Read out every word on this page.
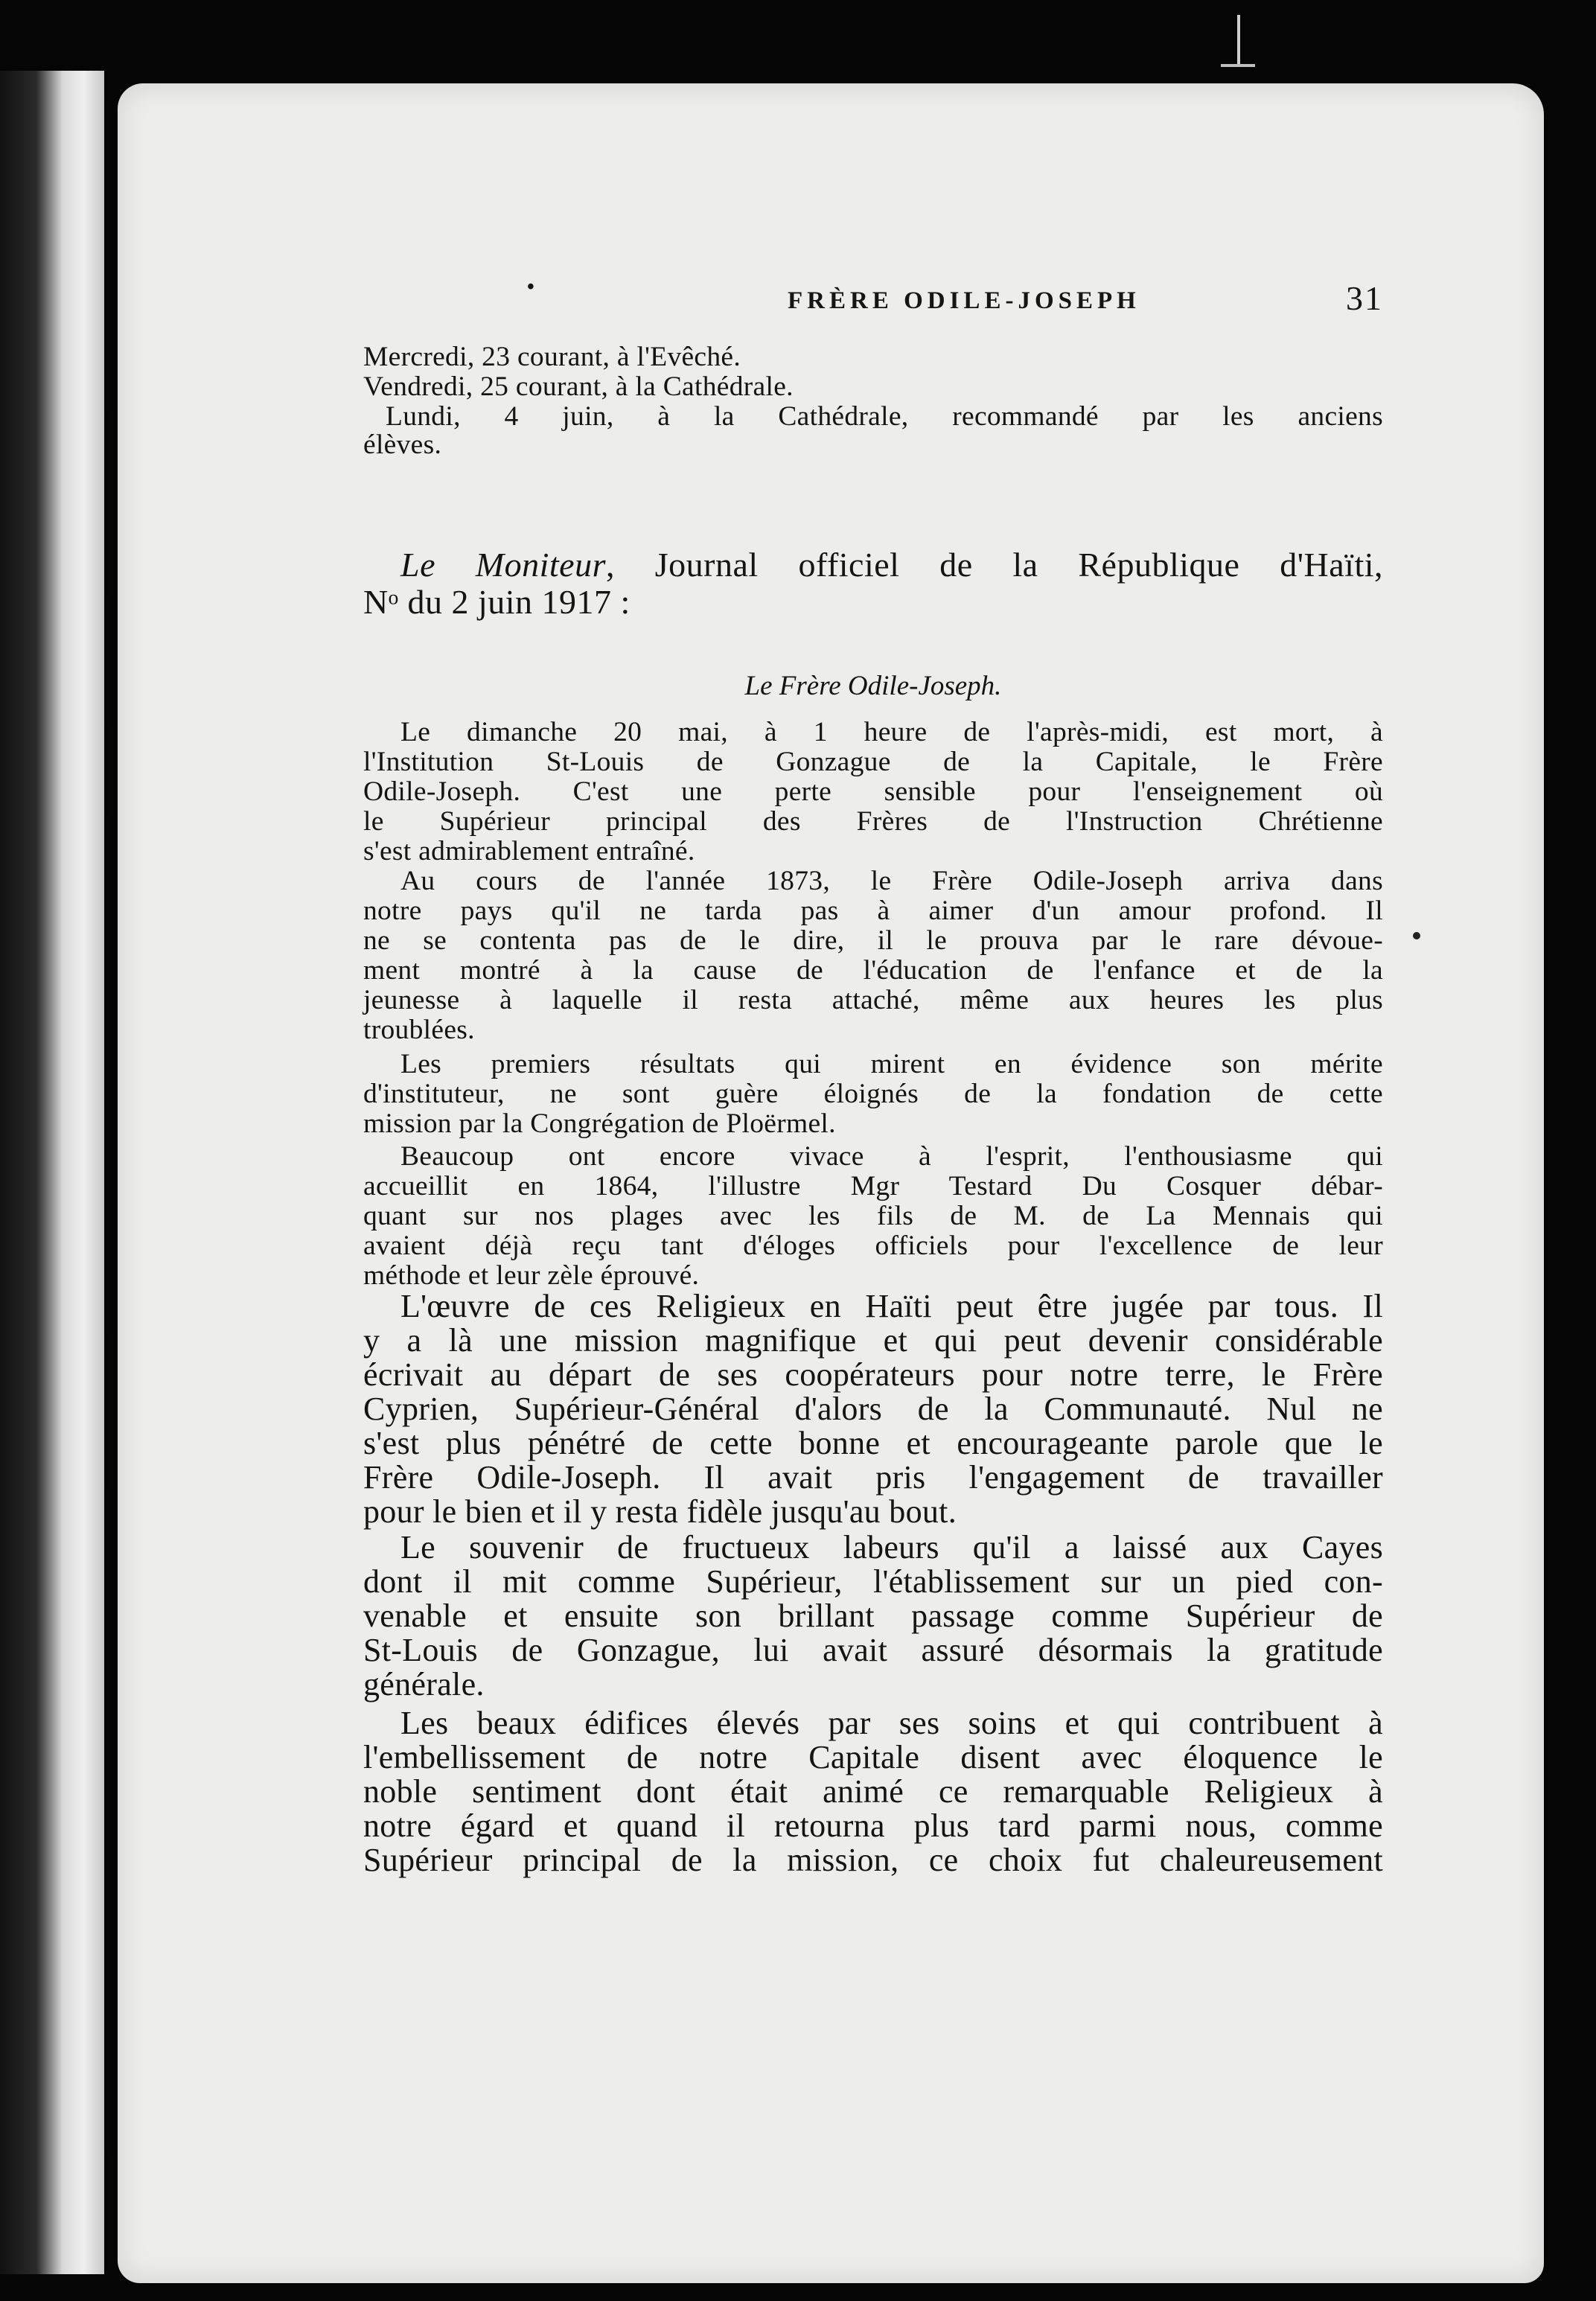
•
FRÈRE ODILE-JOSEPH	31
Mercredi, 23 courant, à l'Evêché.
Vendredi, 25 courant, à la Cathédrale.
Lundi, 4 juin, à la Cathédrale, recommandé par les anciens
élèves.
Le Moniteur, Journal officiel de la République d'Haïti,
Nᵒ du 2 juin 1917 :
Le Frère Odile-Joseph.
Le dimanche 20 mai, à 1 heure de l'après-midi, est mort, à
l'Institution St-Louis de Gonzague de la Capitale, le Frère
Odile-Joseph. C'est une perte sensible pour l'enseignement où
le Supérieur principal des Frères de l'Instruction Chrétienne
s'est admirablement entraîné.
Au cours de l'année 1873, le Frère Odile-Joseph arriva dans
notre pays qu'il ne tarda pas à aimer d'un amour profond. Il
ne se contenta pas de le dire, il le prouva par le rare dévoue-
ment montré à la cause de l'éducation de l'enfance et de la
jeunesse à laquelle il resta attaché, même aux heures les plus
troublées.
Les premiers résultats qui mirent en évidence son mérite
d'instituteur, ne sont guère éloignés de la fondation de cette
mission par la Congrégation de Ploërmel.
Beaucoup ont encore vivace à l'esprit, l'enthousiasme qui
accueillit en 1864, l'illustre Mgr Testard Du Cosquer débar-
quant sur nos plages avec les fils de M. de La Mennais qui
avaient déjà reçu tant d'éloges officiels pour l'excellence de leur
méthode et leur zèle éprouvé.
L'œuvre de ces Religieux en Haïti peut être jugée par tous. Il
y a là une mission magnifique et qui peut devenir considérable
écrivait au départ de ses coopérateurs pour notre terre, le Frère
Cyprien, Supérieur-Général d'alors de la Communauté. Nul ne
s'est plus pénétré de cette bonne et encourageante parole que le
Frère Odile-Joseph. Il avait pris l'engagement de travailler
pour le bien et il y resta fidèle jusqu'au bout.
Le souvenir de fructueux labeurs qu'il a laissé aux Cayes
dont il mit comme Supérieur, l'établissement sur un pied con-
venable et ensuite son brillant passage comme Supérieur de
St-Louis de Gonzague, lui avait assuré désormais la gratitude
générale.
Les beaux édifices élevés par ses soins et qui contribuent à
l'embellissement de notre Capitale disent avec éloquence le
noble sentiment dont était animé ce remarquable Religieux à
notre égard et quand il retourna plus tard parmi nous, comme
Supérieur principal de la mission, ce choix fut chaleureusement
